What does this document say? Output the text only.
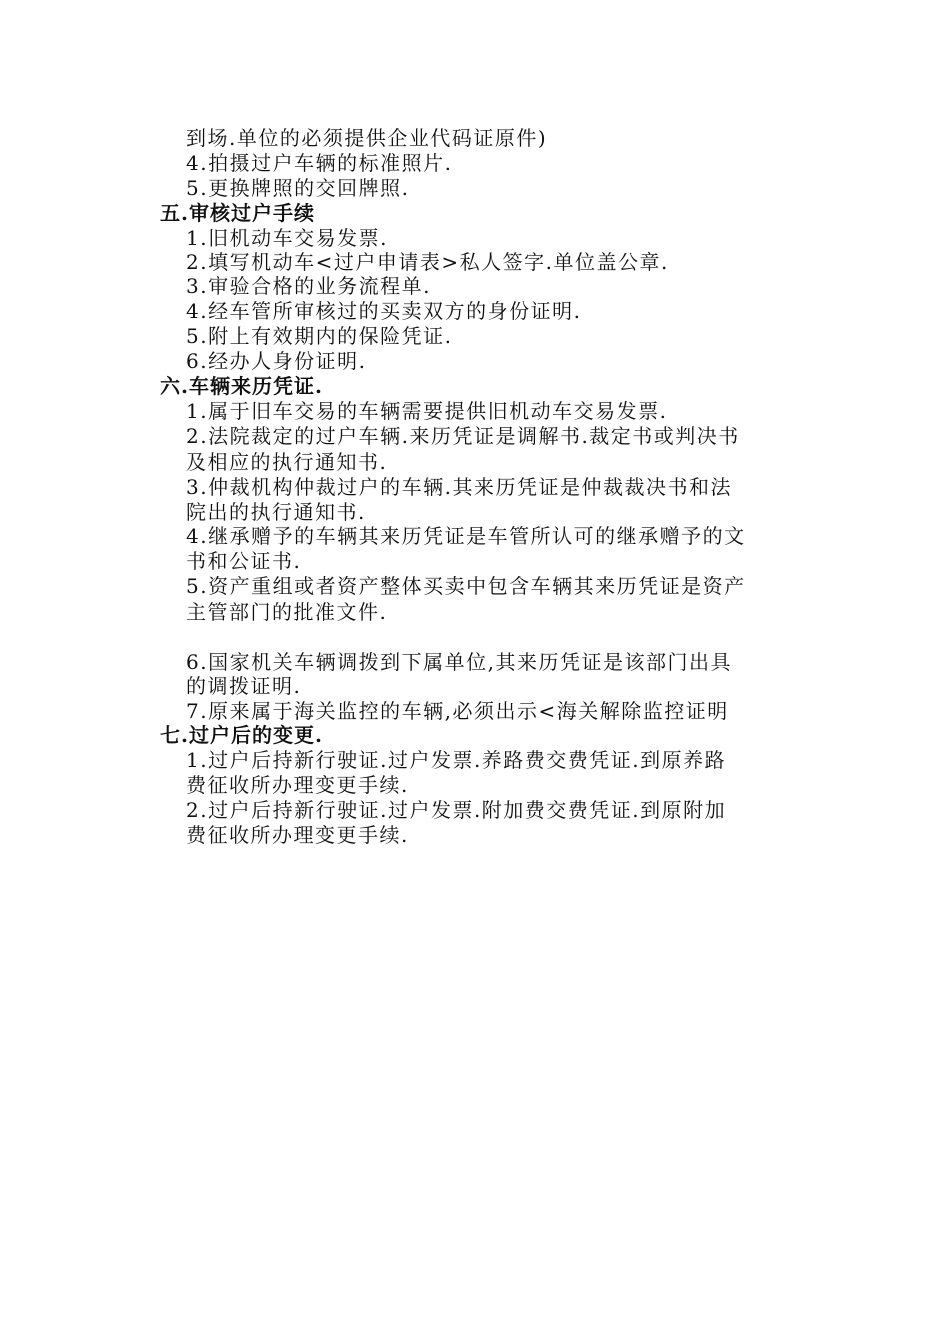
到场.单位的必须提供企业代码证原件)
4.拍摄过户车辆的标准照片.
5.更换牌照的交回牌照.
五.审核过户手续
1.旧机动车交易发票.
2.填写机动车<过户申请表>私人签字.单位盖公章.
3.审验合格的业务流程单.
4.经车管所审核过的买卖双方的身份证明.
5.附上有效期内的保险凭证.
6.经办人身份证明.
六.车辆来历凭证.
1.属于旧车交易的车辆需要提供旧机动车交易发票.
2.法院裁定的过户车辆.来历凭证是调解书.裁定书或判决书
及相应的执行通知书.
3.仲裁机构仲裁过户的车辆.其来历凭证是仲裁裁决书和法
院出的执行通知书.
4.继承赠予的车辆其来历凭证是车管所认可的继承赠予的文
书和公证书.
5.资产重组或者资产整体买卖中包含车辆其来历凭证是资产
主管部门的批准文件.
6.国家机关车辆调拨到下属单位,其来历凭证是该部门出具
的调拨证明.
7.原来属于海关监控的车辆,必须出示<海关解除监控证明
七.过户后的变更.
1.过户后持新行驶证.过户发票.养路费交费凭证.到原养路
费征收所办理变更手续.
2.过户后持新行驶证.过户发票.附加费交费凭证.到原附加
费征收所办理变更手续.
